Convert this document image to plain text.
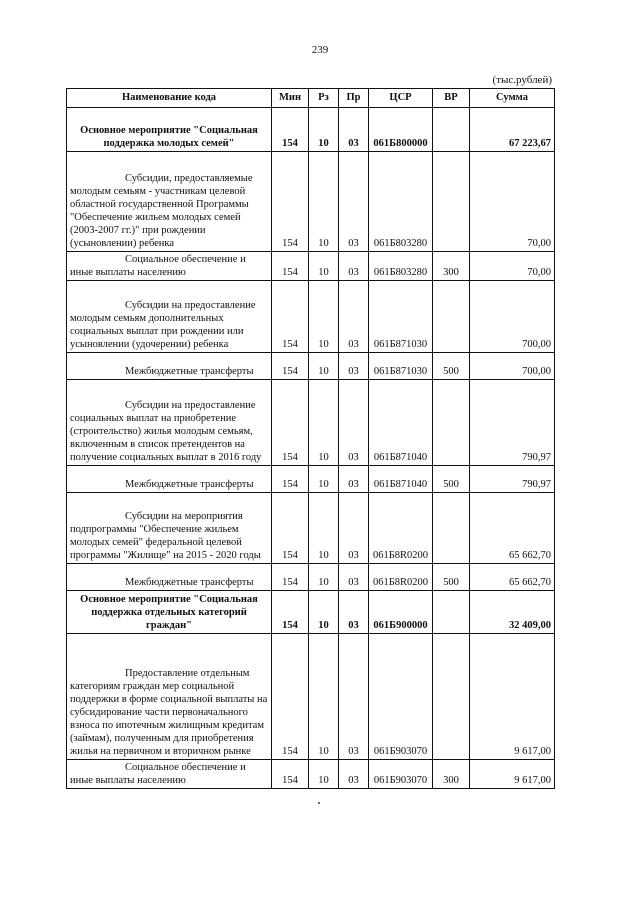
239
(тыс.рублей)
Наименование кода	Мин	Рз	Пр	ЦСР	ВР	Сумма
Основное мероприятие "Социальная поддержка молодых семей"	154	10	03	061Б800000		67 223,67
Субсидии, предоставляемые молодым семьям - участникам целевой областной государственной Программы "Обеспечение жильем молодых семей (2003-2007 гг.)" при рождении (усыновлении) ребенка	154	10	03	061Б803280		70,00
Социальное обеспечение и иные выплаты населению	154	10	03	061Б803280	300	70,00
Субсидии на предоставление молодым семьям дополнительных социальных выплат при рождении или усыновлении (удочерении) ребенка	154	10	03	061Б871030		700,00
Межбюджетные трансферты	154	10	03	061Б871030	500	700,00
Субсидии на предоставление социальных выплат на приобретение (строительство) жилья молодым семьям, включенным в список претендентов на получение социальных выплат в 2016 году	154	10	03	061Б871040		790,97
Межбюджетные трансферты	154	10	03	061Б871040	500	790,97
Субсидии на мероприятия подпрограммы "Обеспечение жильем молодых семей" федеральной целевой программы "Жилище" на 2015 - 2020 годы	154	10	03	061Б8R0200		65 662,70
Межбюджетные трансферты	154	10	03	061Б8R0200	500	65 662,70
Основное мероприятие "Социальная поддержка отдельных категорий граждан"	154	10	03	061Б900000		32 409,00
Предоставление отдельным категориям граждан мер социальной поддержки в форме социальной выплаты на субсидирование части первоначального взноса по ипотечным жилищным кредитам (займам), полученным для приобретения жилья на первичном и вторичном рынке	154	10	03	061Б903070		9 617,00
Социальное обеспечение и иные выплаты населению	154	10	03	061Б903070	300	9 617,00
